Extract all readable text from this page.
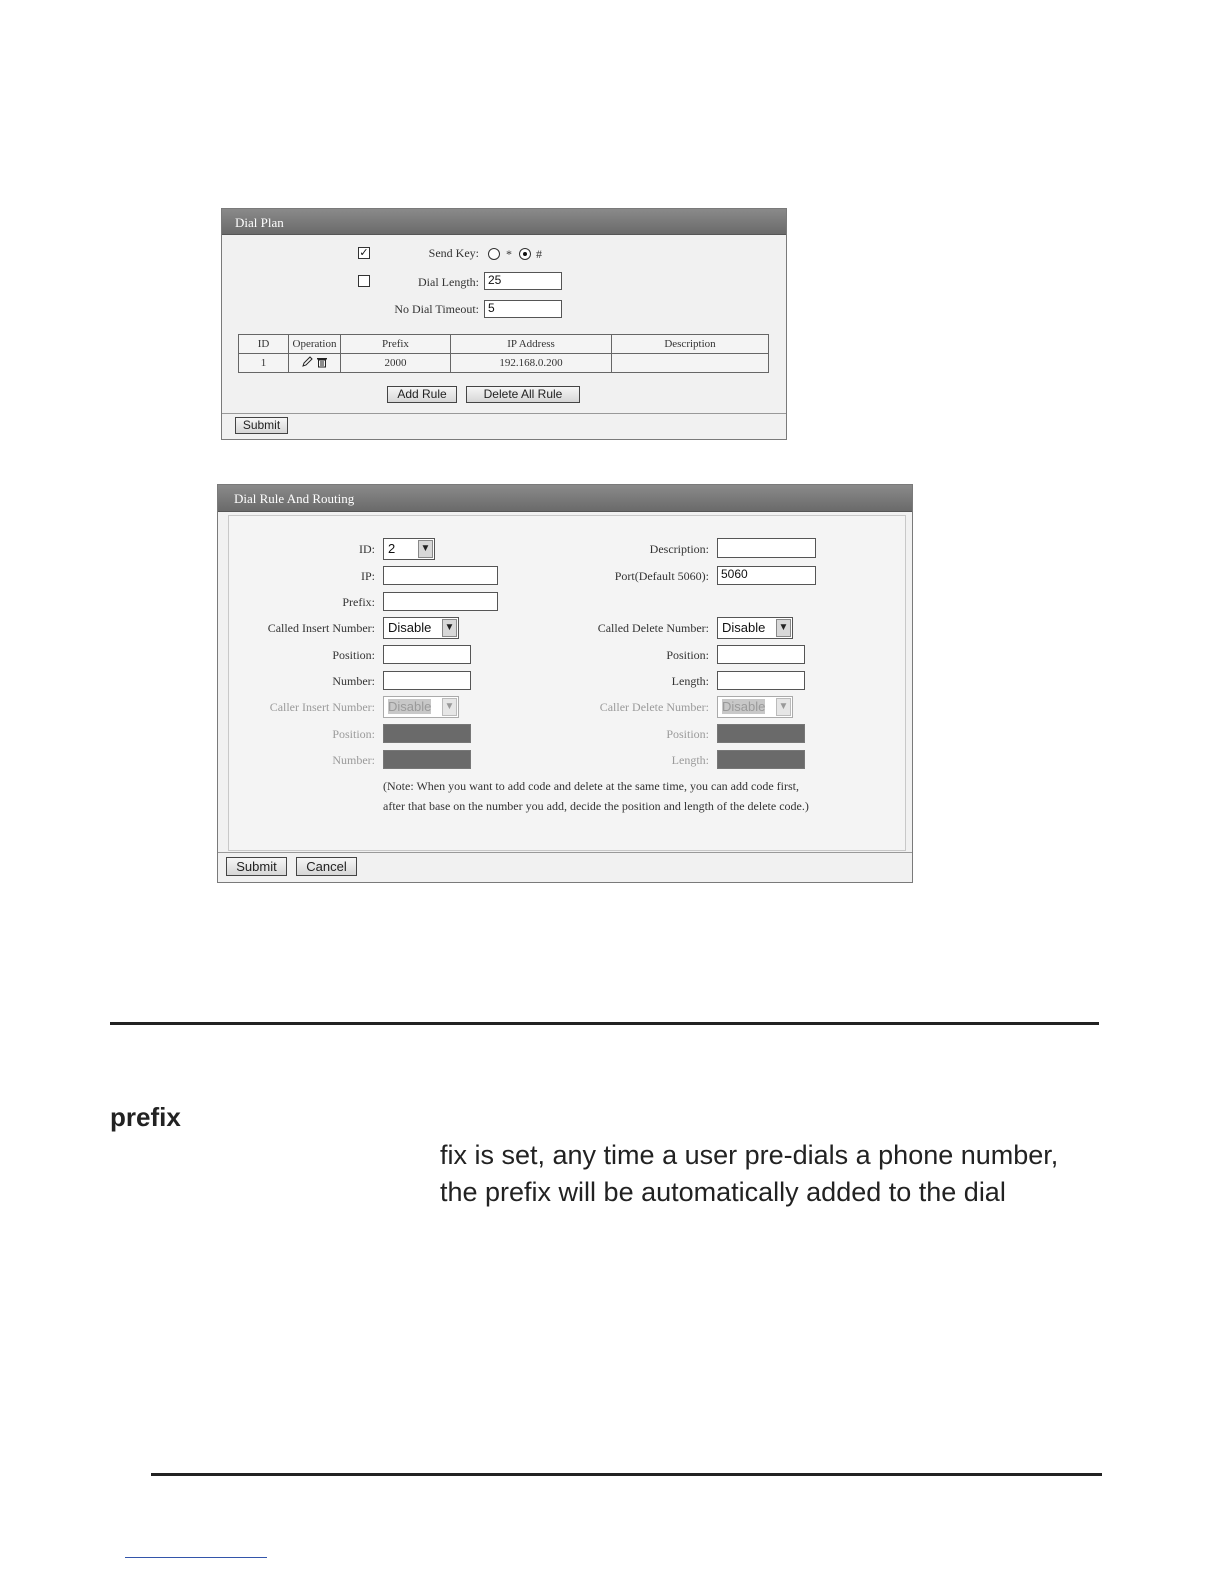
Dial Plan
✓	Send Key: * #
Dial Length: 25
No Dial Timeout: 5
ID	Operation	Prefix	IP Address	Description
1		2000	192.168.0.200	
Add Rule	Delete All Rule
Submit
Dial Rule And Routing
ID:	2	▼
IP:
Prefix:
Called Insert Number:	Disable ▼
Position:
Number:
Caller Insert Number:	Disable ▼
Position:
Number:
Description:
Port(Default 5060):	5060
Called Delete Number:	Disable ▼
Position:
Length:
Caller Delete Number:	Disable ▼
Position:
Length:
(Note: When you want to add code and delete at the same time, you can add code first,
after that base on the number you add, decide the position and length of the delete code.)
Submit	Cancel
prefix
fix is set, any time a user pre-dials a phone number,
the prefix will be automatically added to the dial
